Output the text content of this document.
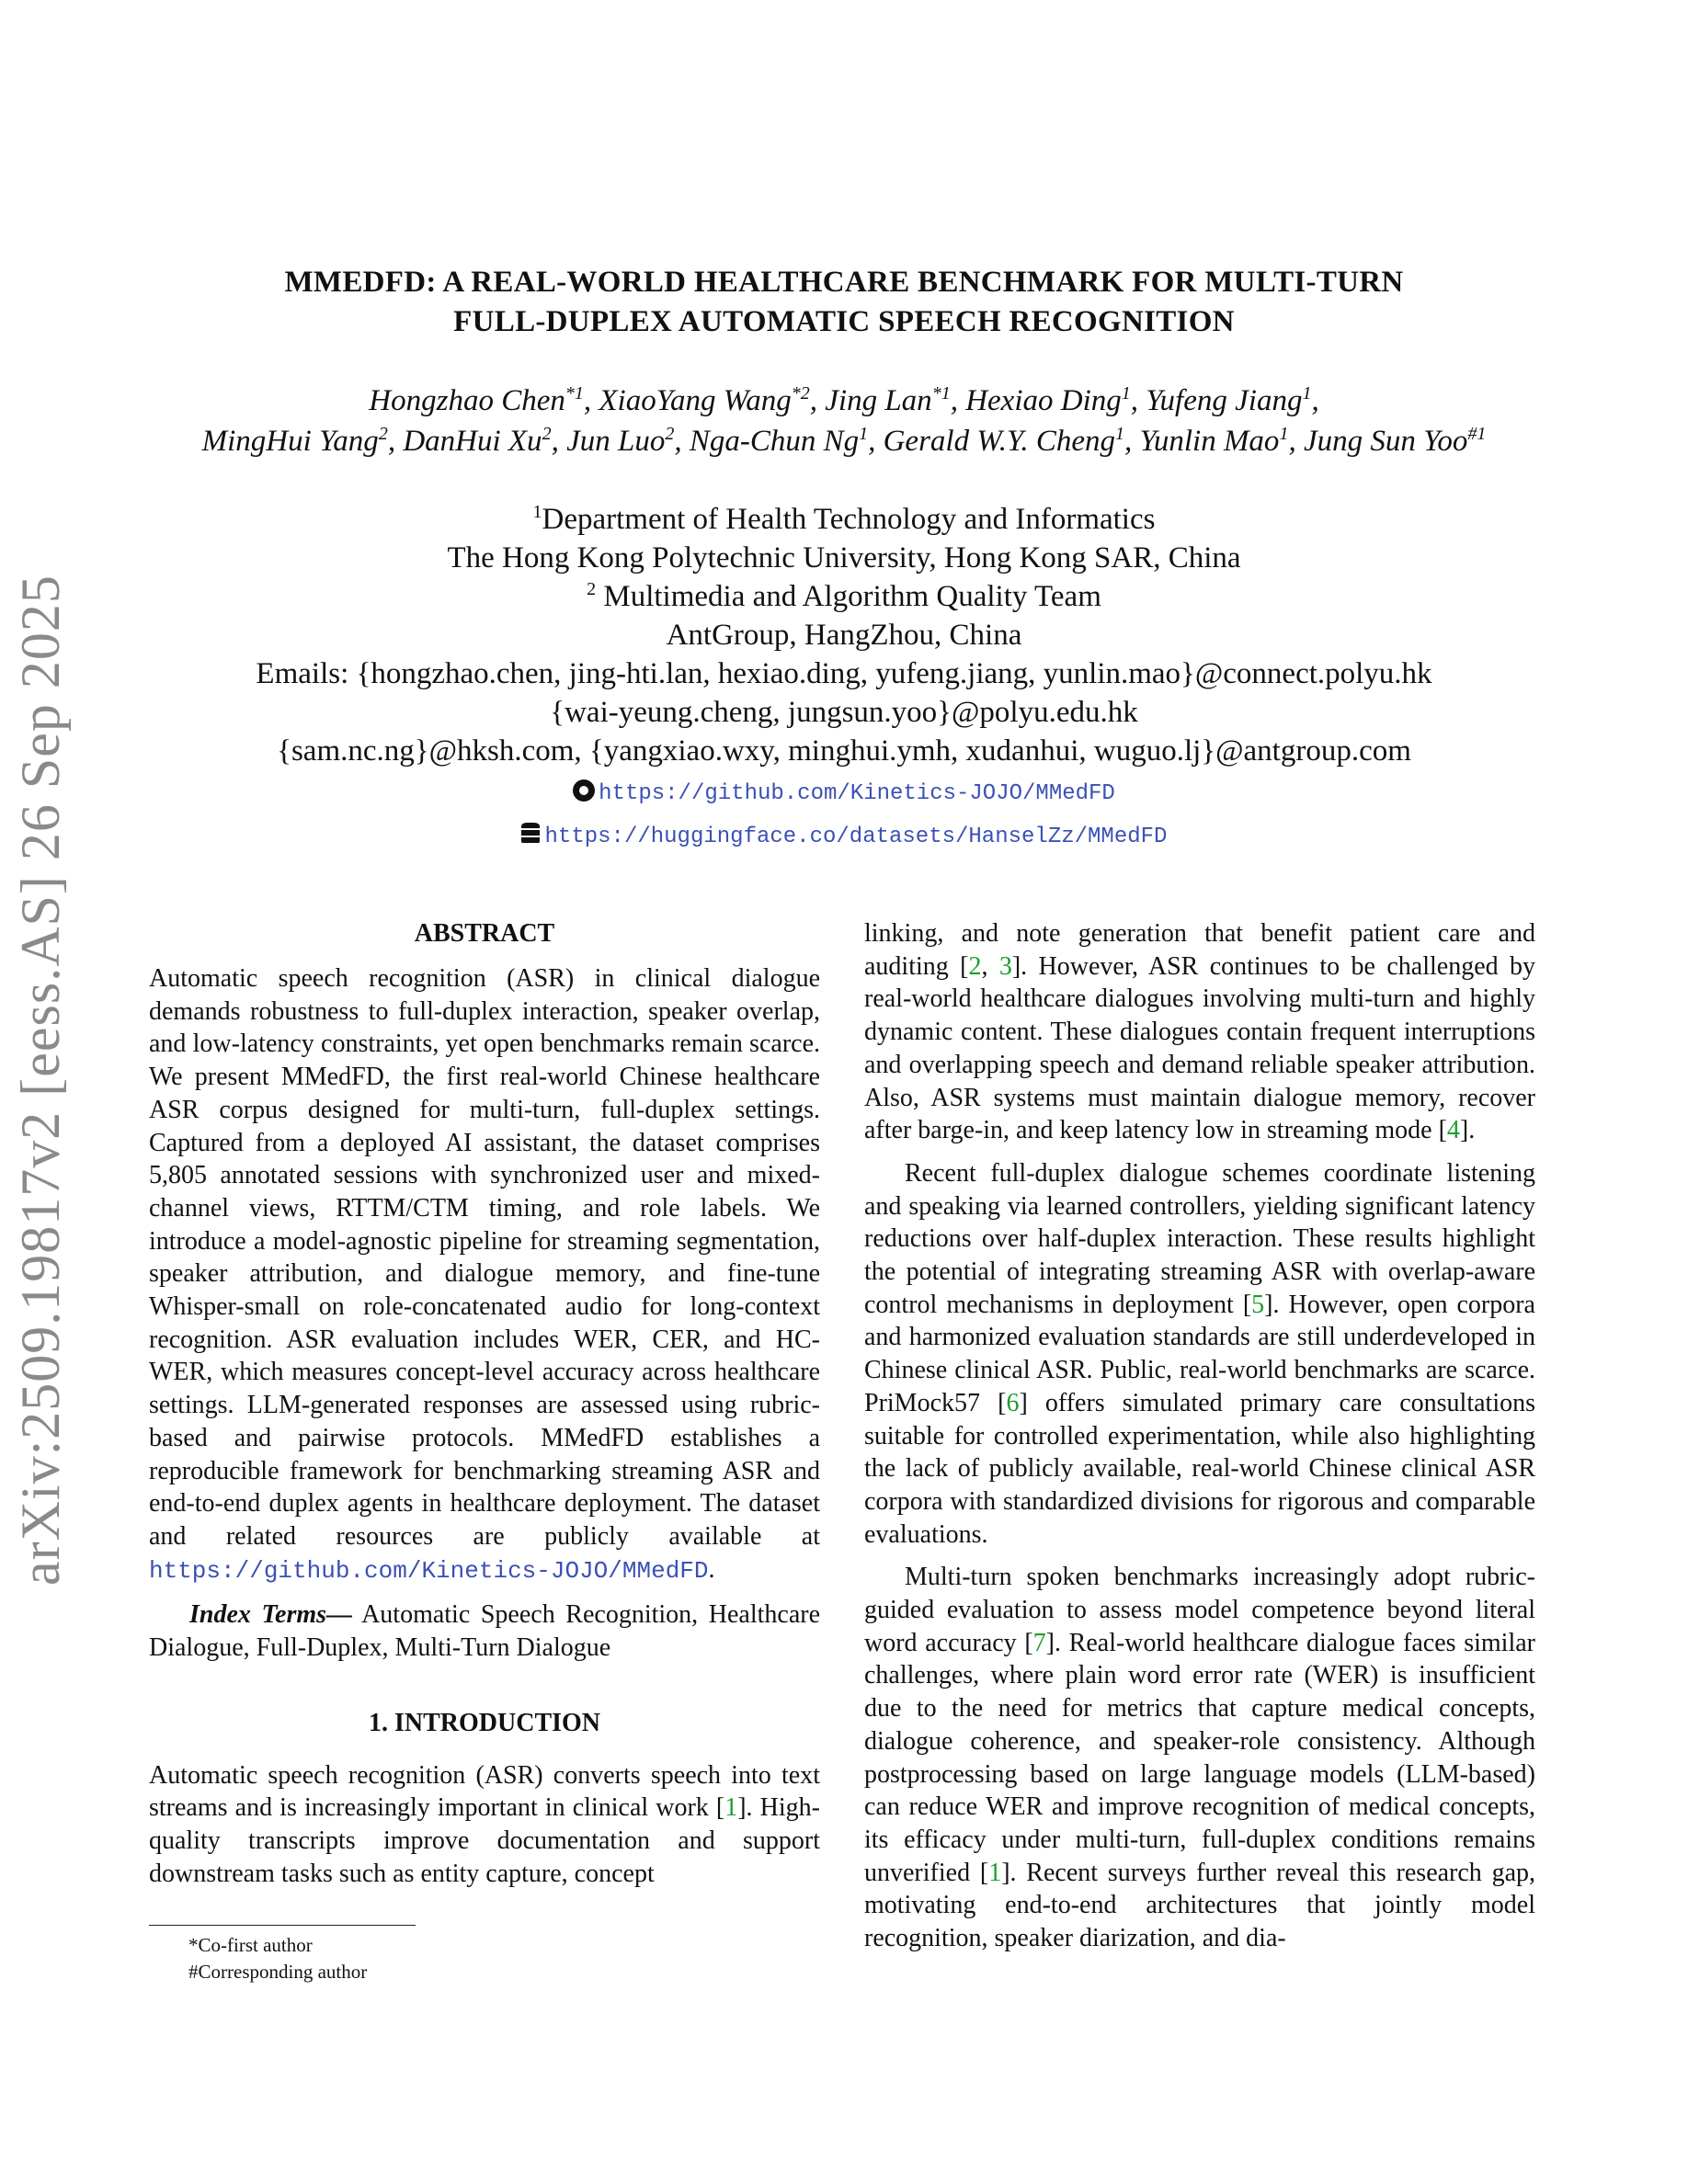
arXiv:2509.19817v2 [eess.AS] 26 Sep 2025
MMEDFD: A REAL-WORLD HEALTHCARE BENCHMARK FOR MULTI-TURN
FULL-DUPLEX AUTOMATIC SPEECH RECOGNITION
Hongzhao Chen$^{*1}$, XiaoYang Wang$^{*2}$, Jing Lan$^{*1}$, Hexiao Ding$^1$, Yufeng Jiang$^1$,
MingHui Yang$^2$, DanHui Xu$^2$, Jun Luo$^2$, Nga-Chun Ng$^1$, Gerald W.Y. Cheng$^1$, Yunlin Mao$^1$, Jung Sun Yoo$^{\#1}$
$^1$Department of Health Technology and Informatics
The Hong Kong Polytechnic University, Hong Kong SAR, China
$^2$ Multimedia and Algorithm Quality Team
AntGroup, HangZhou, China
Emails: {hongzhao.chen, jing-hti.lan, hexiao.ding, yufeng.jiang, yunlin.mao}@connect.polyu.hk
{wai-yeung.cheng, jungsun.yoo}@polyu.edu.hk
{sam.nc.ng}@hksh.com, {yangxiao.wxy, minghui.ymh, xudanhui, wuguo.lj}@antgroup.com
https://github.com/Kinetics-JOJO/MMedFD
https://huggingface.co/datasets/HanselZz/MMedFD
ABSTRACT

Automatic speech recognition (ASR) in clinical dialogue demands robustness to full-duplex interaction, speaker overlap, and low-latency constraints, yet open benchmarks remain scarce. We present MMedFD, the first real-world Chinese healthcare ASR corpus designed for multi-turn, full-duplex settings. Captured from a deployed AI assistant, the dataset comprises 5,805 annotated sessions with synchronized user and mixed-channel views, RTTM/CTM timing, and role labels. We introduce a model-agnostic pipeline for streaming segmentation, speaker attribution, and dialogue memory, and fine-tune Whisper-small on role-concatenated audio for long-context recognition. ASR evaluation includes WER, CER, and HC-WER, which measures concept-level accuracy across healthcare settings. LLM-generated responses are assessed using rubric-based and pairwise protocols. MMedFD establishes a reproducible framework for benchmarking streaming ASR and end-to-end duplex agents in healthcare deployment. The dataset and related resources are publicly available at https://github.com/Kinetics-JOJO/MMedFD.

Index Terms— Automatic Speech Recognition, Healthcare Dialogue, Full-Duplex, Multi-Turn Dialogue

1. INTRODUCTION

Automatic speech recognition (ASR) converts speech into text streams and is increasingly important in clinical work [1]. High-quality transcripts improve documentation and support downstream tasks such as entity capture, concept

linking, and note generation that benefit patient care and auditing [2, 3]. However, ASR continues to be challenged by real-world healthcare dialogues involving multi-turn and highly dynamic content. These dialogues contain frequent interruptions and overlapping speech and demand reliable speaker attribution. Also, ASR systems must maintain dialogue memory, recover after barge-in, and keep latency low in streaming mode [4].

Recent full-duplex dialogue schemes coordinate listening and speaking via learned controllers, yielding significant latency reductions over half-duplex interaction. These results highlight the potential of integrating streaming ASR with overlap-aware control mechanisms in deployment [5]. However, open corpora and harmonized evaluation standards are still underdeveloped in Chinese clinical ASR. Public, real-world benchmarks are scarce. PriMock57 [6] offers simulated primary care consultations suitable for controlled experimentation, while also highlighting the lack of publicly available, real-world Chinese clinical ASR corpora with standardized divisions for rigorous and comparable evaluations.

Multi-turn spoken benchmarks increasingly adopt rubric-guided evaluation to assess model competence beyond literal word accuracy [7]. Real-world healthcare dialogue faces similar challenges, where plain word error rate (WER) is insufficient due to the need for metrics that capture medical concepts, dialogue coherence, and speaker-role consistency. Although postprocessing based on large language models (LLM-based) can reduce WER and improve recognition of medical concepts, its efficacy under multi-turn, full-duplex conditions remains unverified [1]. Recent surveys further reveal this research gap, motivating end-to-end architectures that jointly model recognition, speaker diarization, and dia-

*Co-first author
#Corresponding author
